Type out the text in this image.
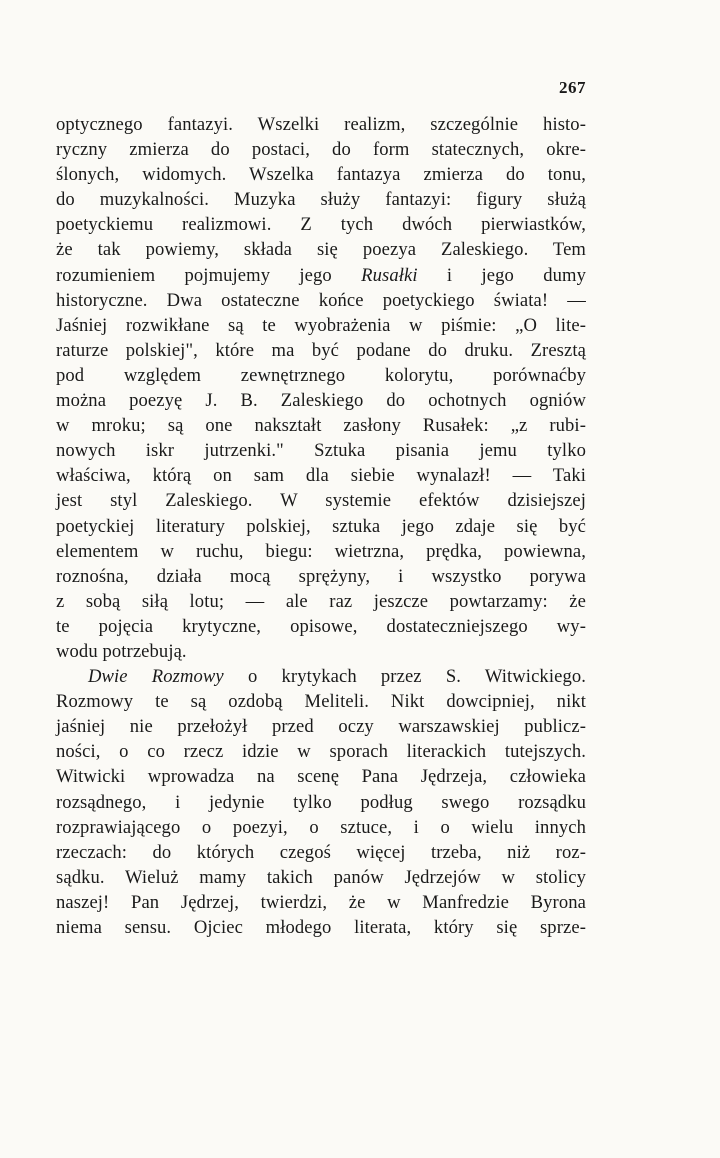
267
optycznego fantazyi. Wszelki realizm, szczególnie histo-
ryczny zmierza do postaci, do form statecznych, okre-
ślonych, widomych. Wszelka fantazya zmierza do tonu,
do muzykalności. Muzyka służy fantazyi: figury służą
poetyckiemu realizmowi. Z tych dwóch pierwiastków,
że tak powiemy, składa się poezya Zaleskiego. Tem
rozumieniem pojmujemy jego Rusałki i jego dumy
historyczne. Dwa ostateczne końce poetyckiego świata! —
Jaśniej rozwikłane są te wyobrażenia w piśmie: „O lite-
raturze polskiej", które ma być podane do druku. Zresztą
pod względem zewnętrznego kolorytu, porównaćby
można poezyę J. B. Zaleskiego do ochotnych ogniów
w mroku; są one nakształt zasłony Rusałek: „z rubi-
nowych iskr jutrzenki." Sztuka pisania jemu tylko
właściwa, którą on sam dla siebie wynalazł! — Taki
jest styl Zaleskiego. W systemie efektów dzisiejszej
poetyckiej literatury polskiej, sztuka jego zdaje się być
elementem w ruchu, biegu: wietrzna, prędka, powiewna,
roznośna, działa mocą sprężyny, i wszystko porywa
z sobą siłą lotu; — ale raz jeszcze powtarzamy: że
te pojęcia krytyczne, opisowe, dostateczniejszego wy-
wodu potrzebują.
Dwie Rozmowy o krytykach przez S. Witwickiego.
Rozmowy te są ozdobą Meliteli. Nikt dowcipniej, nikt
jaśniej nie przełożył przed oczy warszawskiej publicz-
ności, o co rzecz idzie w sporach literackich tutejszych.
Witwicki wprowadza na scenę Pana Jędrzeja, człowieka
rozsądnego, i jedynie tylko podług swego rozsądku
rozprawiającego o poezyi, o sztuce, i o wielu innych
rzeczach: do których czegoś więcej trzeba, niż roz-
sądku. Wieluż mamy takich panów Jędrzejów w stolicy
naszej! Pan Jędrzej, twierdzi, że w Manfredzie Byrona
niema sensu. Ojciec młodego literata, który się sprze-
